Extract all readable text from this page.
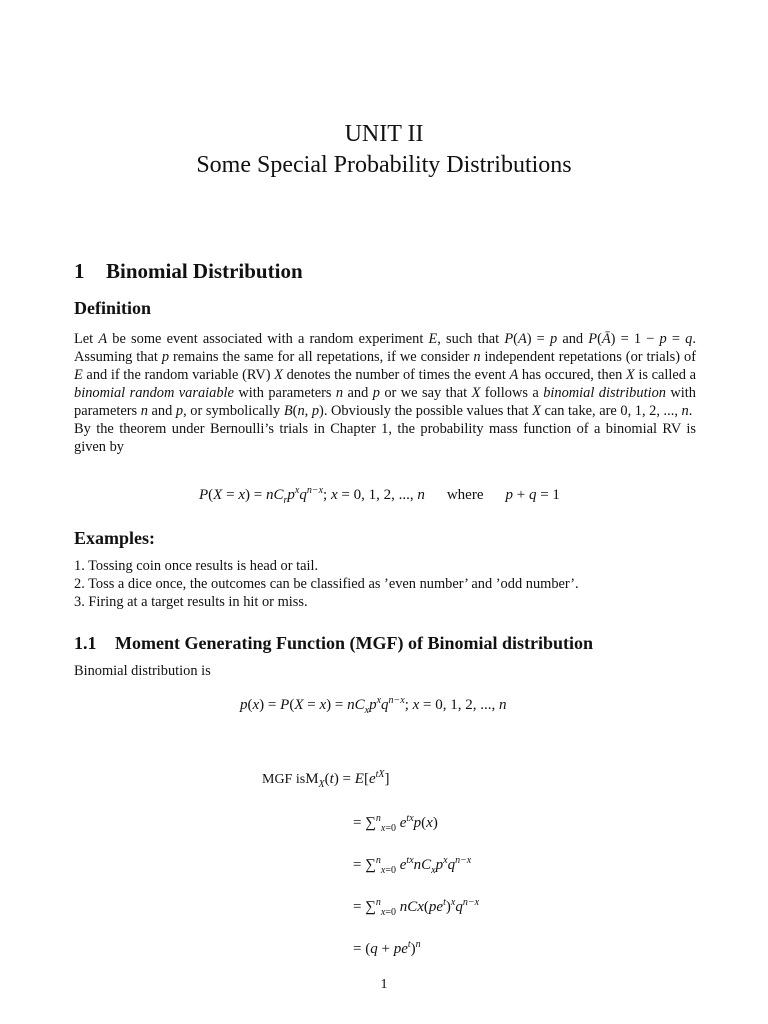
UNIT II
Some Special Probability Distributions
1 Binomial Distribution
Definition

Let A be some event associated with a random experiment E, such that P(A) = p and P(Ā) = 1 − p = q. Assuming that p remains the same for all repetations, if we consider n independent repetations (or trials) of E and if the random variable (RV) X denotes the number of times the event A has occured, then X is called a binomial random varaiable with parameters n and p or we say that X follows a binomial distribution with parameters n and p, or symbolically B(n, p). Obviously the possible values that X can take, are 0, 1, 2, ..., n.

By the theorem under Bernoulli’s trials in Chapter 1, the probability mass function of a binomial RV is given by

$P(X = x) = nC_rp^xq^{n-x}$; x = 0, 1, 2, ..., n where p + q = 1
Examples:
1. Tossing coin once results is head or tail.
2. Toss a dice once, the outcomes can be classified as ’even number’ and ’odd number’.
3. Firing at a target results in hit or miss.
1.1 Moment Generating Function (MGF) of Binomial distribution
Binomial distribution is
$p(x) = P(X = x) = nC_xp^xq^{n-x}$; x = 0, 1, 2, ..., n
MGF $isM_X(t) = E[e^{tX}]$
= ∑$^n_{x=0}$ $e^{tx}p(x)$
= ∑$^n_{x=0}$ $e^{tx}nC_xp^xq^{n-x}$
= ∑$^n_{x=0}$ $nCx(pe^t)^xq^{n-x}$
= $(q + pe^t)^n$
1
